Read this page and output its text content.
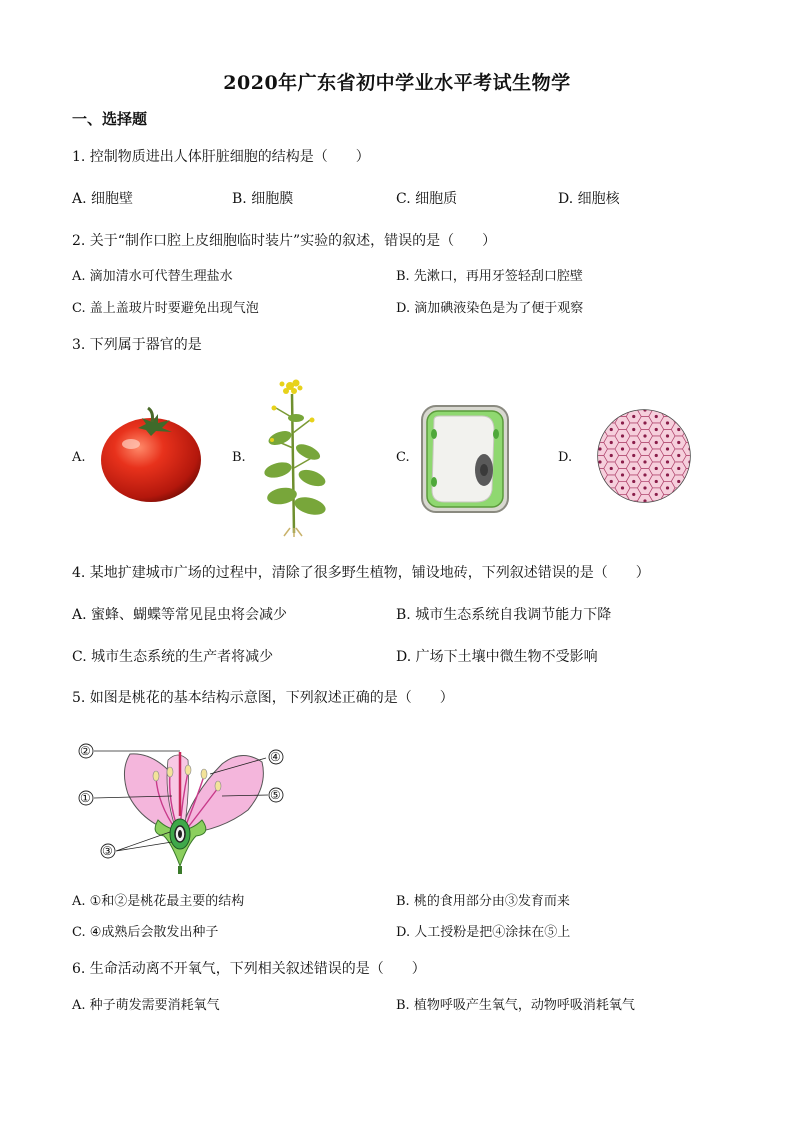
2020年广东省初中学业水平考试生物学
一、选择题
1. 控制物质进出人体肝脏细胞的结构是（　　）
A. 细胞壁	B. 细胞膜	C. 细胞质	D. 细胞核
2. 关于“制作口腔上皮细胞临时装片”实验的叙述，错误的是（　　）
A. 滴加清水可代替生理盐水	B. 先漱口，再用牙签轻刮口腔壁
C. 盖上盖玻片时要避免出现气泡	D. 滴加碘液染色是为了便于观察
3. 下列属于器官的是
A.	B.	C.	D.
4. 某地扩建城市广场的过程中，清除了很多野生植物，铺设地砖，下列叙述错误的是（　　）
A. 蜜蜂、蝴蝶等常见昆虫将会减少	B. 城市生态系统自我调节能力下降
C. 城市生态系统的生产者将减少	D. 广场下土壤中微生物不受影响
5. 如图是桃花的基本结构示意图，下列叙述正确的是（　　）
②	④
①	⑤
③
A. ①和②是桃花最主要的结构	B. 桃的食用部分由③发育而来
C. ④成熟后会散发出种子	D. 人工授粉是把④涂抹在⑤上
6. 生命活动离不开氧气，下列相关叙述错误的是（　　）
A. 种子萌发需要消耗氧气	B. 植物呼吸产生氧气，动物呼吸消耗氧气
